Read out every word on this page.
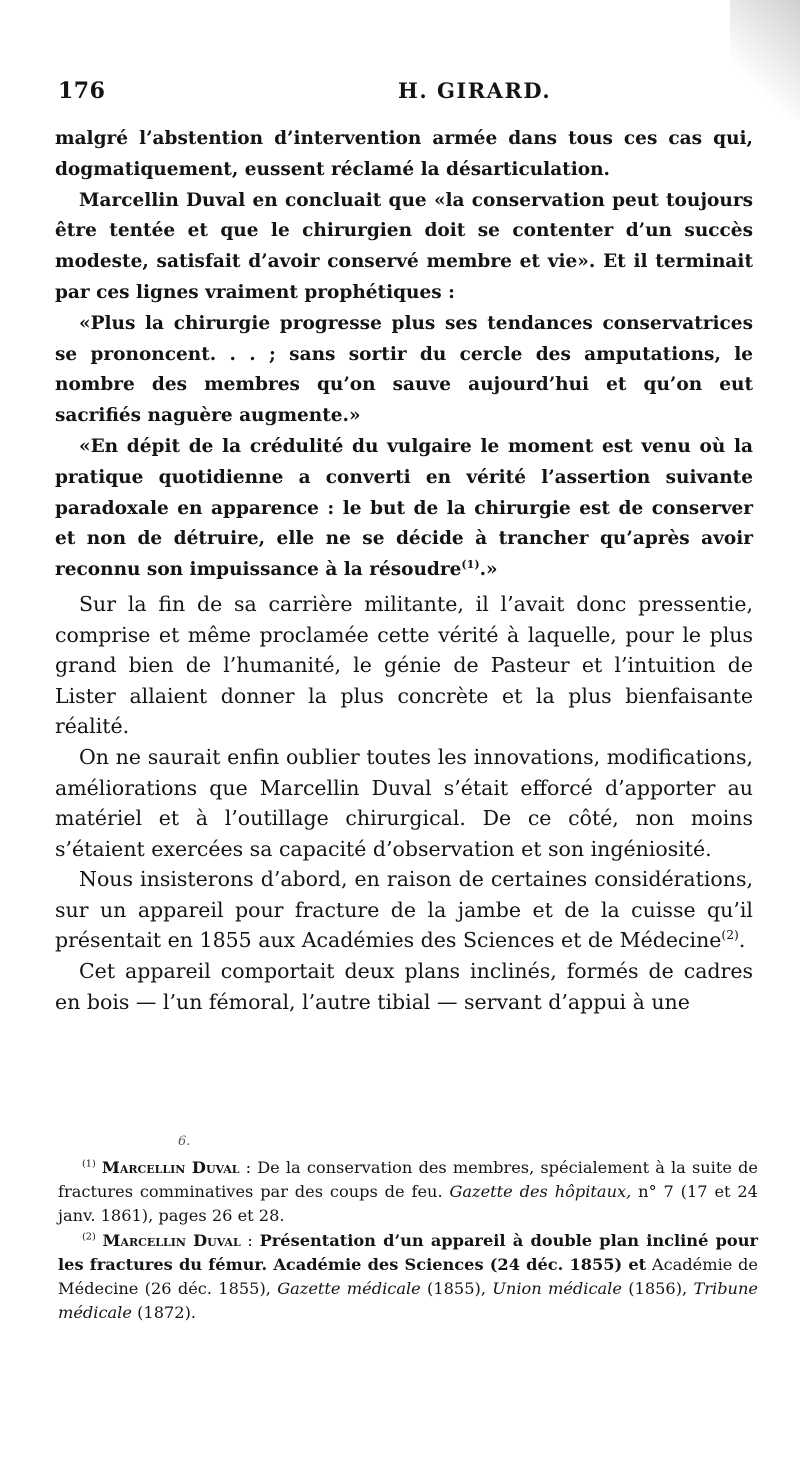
176	H. GIRARD.

malgré l’abstention d’intervention armée dans tous ces cas qui, dogmatiquement, eussent réclamé la désarticulation.

Marcellin Duval en concluait que «la conservation peut toujours être tentée et que le chirurgien doit se contenter d’un succès modeste, satisfait d’avoir conservé membre et vie». Et il terminait par ces lignes vraiment prophétiques :

«Plus la chirurgie progresse plus ses tendances conservatrices se prononcent. . . ; sans sortir du cercle des amputations, le nombre des membres qu’on sauve aujourd’hui et qu’on eut sacrifiés naguère augmente.»

«En dépit de la crédulité du vulgaire le moment est venu où la pratique quotidienne a converti en vérité l’assertion suivante paradoxale en apparence : le but de la chirurgie est de conserver et non de détruire, elle ne se décide à trancher qu’après avoir reconnu son impuissance à la résoudre$^{(1)}$.»

Sur la fin de sa carrière militante, il l’avait donc pressentie, comprise et même proclamée cette vérité à laquelle, pour le plus grand bien de l’humanité, le génie de Pasteur et l’intuition de Lister allaient donner la plus concrète et la plus bienfaisante réalité.

On ne saurait enfin oublier toutes les innovations, modifications, améliorations que Marcellin Duval s’était efforcé d’apporter au matériel et à l’outillage chirurgical. De ce côté, non moins s’étaient exercées sa capacité d’observation et son ingéniosité.

Nous insisterons d’abord, en raison de certaines considérations, sur un appareil pour fracture de la jambe et de la cuisse qu’il présentait en 1855 aux Académies des Sciences et de Médecine$^{(2)}$.

Cet appareil comportait deux plans inclinés, formés de cadres en bois — l’un fémoral, l’autre tibial — servant d’appui à une

6.

$^{(1)}$ Marcellin Duval : De la conservation des membres, spécialement à la suite de fractures comminatives par des coups de feu. Gazette des hôpitaux, n° 7 (17 et 24 janv. 1861), pages 26 et 28.

$^{(2)}$ Marcellin Duval : Présentation d’un appareil à double plan incliné pour les fractures du fémur. Académie des Sciences (24 déc. 1855) et Académie de Médecine (26 déc. 1855), Gazette médicale (1855), Union médicale (1856), Tribune médicale (1872).
